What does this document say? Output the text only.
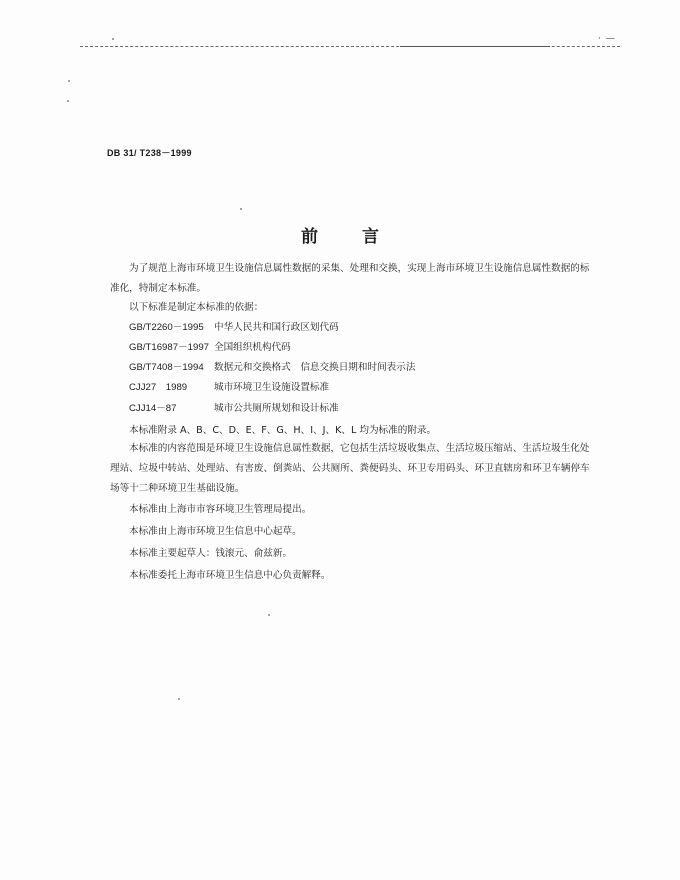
· —
DB 31/ T238－1999
前言
为了规范上海市环境卫生设施信息属性数据的采集、处理和交换，实现上海市环境卫生设施信息属性数据的标准化，特制定本标准。
以下标准是制定本标准的依据：
GB/T2260－1995 中华人民共和国行政区划代码
GB/T16987－1997 全国组织机构代码
GB/T7408－1994 数据元和交换格式　信息交换日期和时间表示法
CJJ27　1989	城市环境卫生设施设置标准
CJJ14－87	城市公共厕所规划和设计标准
本标准附录 A、B、C、D、E、F、G、H、I、J、K、L 均为标准的附录。
本标准的内容范围是环境卫生设施信息属性数据，它包括生活垃圾收集点、生活垃圾压缩站、生活垃圾生化处理站、垃圾中转站、处理站、有害废、倒粪站、公共厕所、粪便码头、环卫专用码头、环卫直辖房和环卫车辆停车场等十二种环境卫生基础设施。
本标准由上海市市容环境卫生管理局提出。
本标准由上海市环境卫生信息中心起草。
本标准主要起草人：钱滚元、俞兹新。
本标准委托上海市环境卫生信息中心负责解释。
